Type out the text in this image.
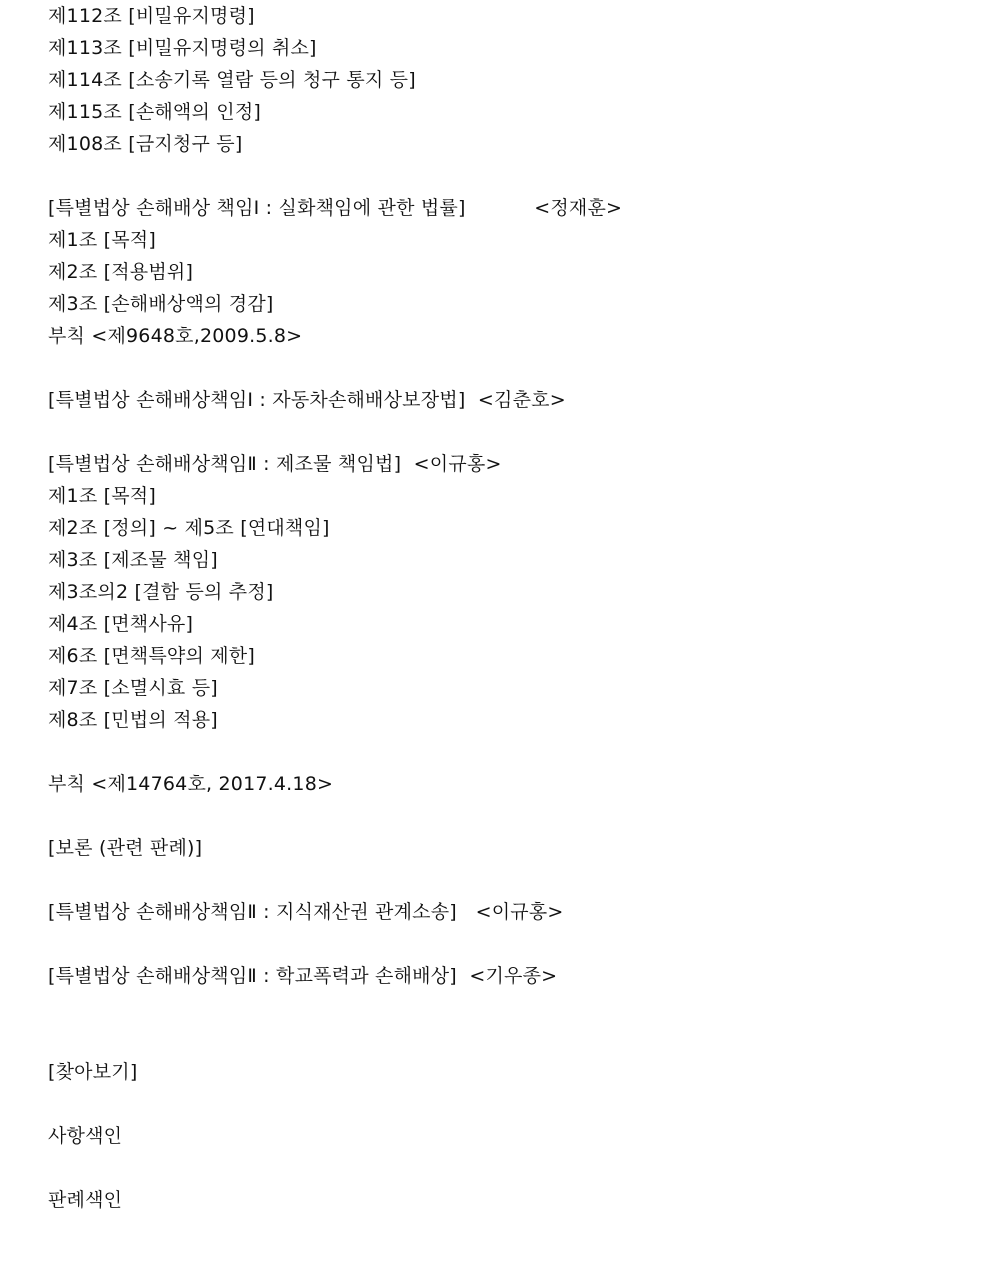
제112조 [비밀유지명령]
제113조 [비밀유지명령의 취소]
제114조 [소송기록 열람 등의 청구 통지 등]
제115조 [손해액의 인정]
제108조 [금지청구 등]
[특별법상 손해배상 책임Ⅰ : 실화책임에 관한 법률]           <정재훈>
제1조 [목적]
제2조 [적용범위]
제3조 [손해배상액의 경감]
부칙 <제9648호,2009.5.8>
[특별법상 손해배상책임Ⅰ : 자동차손해배상보장법]  <김춘호>
[특별법상 손해배상책임Ⅱ : 제조물 책임법]  <이규홍>
제1조 [목적]
제2조 [정의] ~ 제5조 [연대책임]
제3조 [제조물 책임]
제3조의2 [결함 등의 추정]
제4조 [면책사유]
제6조 [면책특약의 제한]
제7조 [소멸시효 등]
제8조 [민법의 적용]
부칙 <제14764호, 2017.4.18>
[보론 (관련 판례)]
[특별법상 손해배상책임Ⅱ : 지식재산권 관계소송]   <이규홍>
[특별법상 손해배상책임Ⅱ : 학교폭력과 손해배상]  <기우종>
[찾아보기]
사항색인
판례색인
